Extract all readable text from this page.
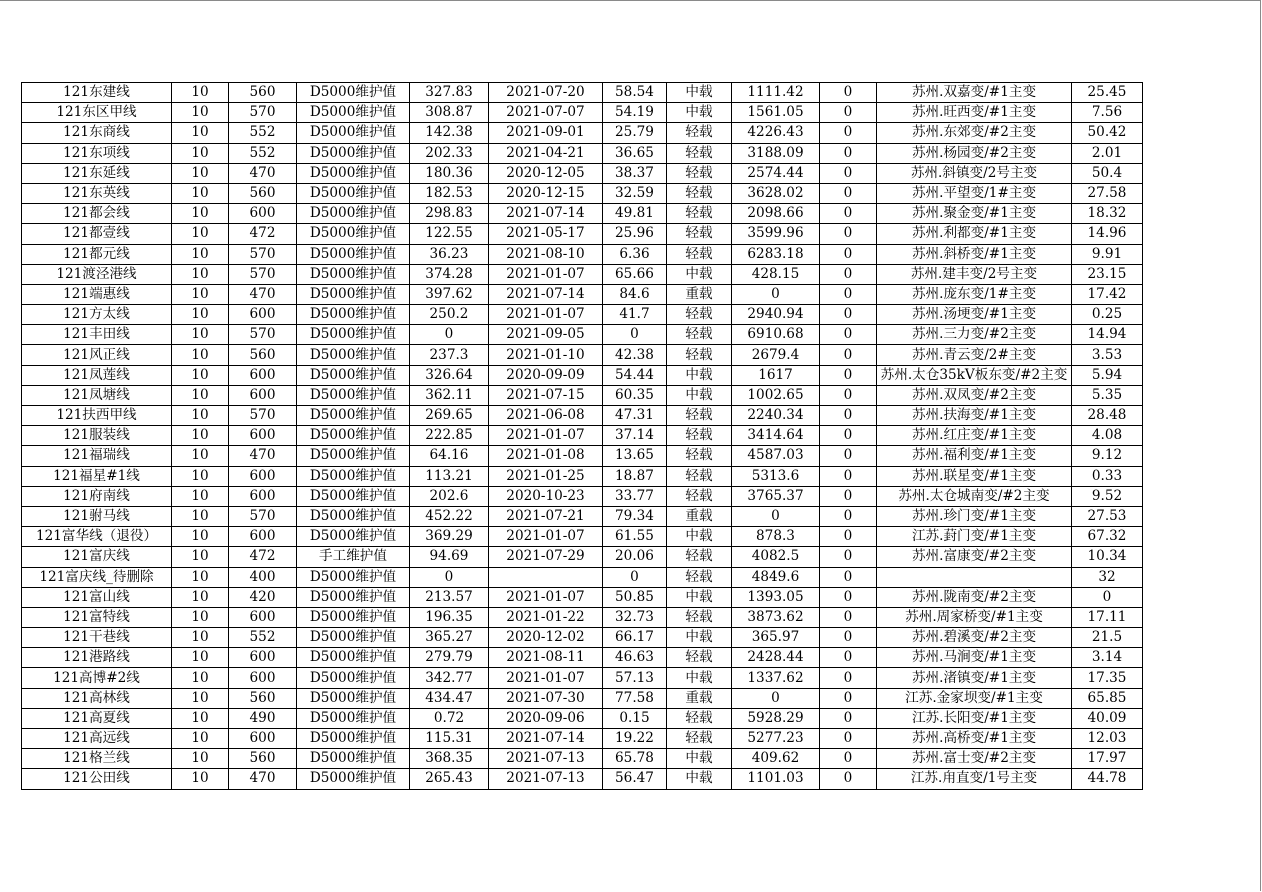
121东建线	10	560	D5000维护值	327.83	2021-07-20	58.54	中载	1111.42	0	苏州.双嘉变/#1主变	25.45
121东区甲线	10	570	D5000维护值	308.87	2021-07-07	54.19	中载	1561.05	0	苏州.旺西变/#1主变	7.56
121东商线	10	552	D5000维护值	142.38	2021-09-01	25.79	轻载	4226.43	0	苏州.东郊变/#2主变	50.42
121东项线	10	552	D5000维护值	202.33	2021-04-21	36.65	轻载	3188.09	0	苏州.杨园变/#2主变	2.01
121东延线	10	470	D5000维护值	180.36	2020-12-05	38.37	轻载	2574.44	0	苏州.斜镇变/2号主变	50.4
121东英线	10	560	D5000维护值	182.53	2020-12-15	32.59	轻载	3628.02	0	苏州.平望变/1#主变	27.58
121都会线	10	600	D5000维护值	298.83	2021-07-14	49.81	轻载	2098.66	0	苏州.聚金变/#1主变	18.32
121都壹线	10	472	D5000维护值	122.55	2021-05-17	25.96	轻载	3599.96	0	苏州.利都变/#1主变	14.96
121都元线	10	570	D5000维护值	36.23	2021-08-10	6.36	轻载	6283.18	0	苏州.斜桥变/#1主变	9.91
121渡泾港线	10	570	D5000维护值	374.28	2021-01-07	65.66	中载	428.15	0	苏州.建丰变/2号主变	23.15
121端惠线	10	470	D5000维护值	397.62	2021-07-14	84.6	重载	0	0	苏州.庞东变/1#主变	17.42
121方太线	10	600	D5000维护值	250.2	2021-01-07	41.7	轻载	2940.94	0	苏州.汤埂变/#1主变	0.25
121丰田线	10	570	D5000维护值	0	2021-09-05	0	轻载	6910.68	0	苏州.三力变/#2主变	14.94
121风正线	10	560	D5000维护值	237.3	2021-01-10	42.38	轻载	2679.4	0	苏州.青云变/2#主变	3.53
121凤莲线	10	600	D5000维护值	326.64	2020-09-09	54.44	中载	1617	0	苏州.太仓35kV板东变/#2主变	5.94
121凤塘线	10	600	D5000维护值	362.11	2021-07-15	60.35	中载	1002.65	0	苏州.双凤变/#2主变	5.35
121扶西甲线	10	570	D5000维护值	269.65	2021-06-08	47.31	轻载	2240.34	0	苏州.扶海变/#1主变	28.48
121服装线	10	600	D5000维护值	222.85	2021-01-07	37.14	轻载	3414.64	0	苏州.红庄变/#1主变	4.08
121福瑞线	10	470	D5000维护值	64.16	2021-01-08	13.65	轻载	4587.03	0	苏州.福利变/#1主变	9.12
121福星#1线	10	600	D5000维护值	113.21	2021-01-25	18.87	轻载	5313.6	0	苏州.联星变/#1主变	0.33
121府南线	10	600	D5000维护值	202.6	2020-10-23	33.77	轻载	3765.37	0	苏州.太仓城南变/#2主变	9.52
121驸马线	10	570	D5000维护值	452.22	2021-07-21	79.34	重载	0	0	苏州.珍门变/#1主变	27.53
121富华线（退役）	10	600	D5000维护值	369.29	2021-01-07	61.55	中载	878.3	0	江苏.葑门变/#1主变	67.32
121富庆线	10	472	手工维护值	94.69	2021-07-29	20.06	轻载	4082.5	0	苏州.富康变/#2主变	10.34
121富庆线_待删除	10	400	D5000维护值	0		0	轻载	4849.6	0		32
121富山线	10	420	D5000维护值	213.57	2021-01-07	50.85	中载	1393.05	0	苏州.陇南变/#2主变	0
121富特线	10	600	D5000维护值	196.35	2021-01-22	32.73	轻载	3873.62	0	苏州.周家桥变/#1主变	17.11
121干巷线	10	552	D5000维护值	365.27	2020-12-02	66.17	中载	365.97	0	苏州.碧溪变/#2主变	21.5
121港路线	10	600	D5000维护值	279.79	2021-08-11	46.63	轻载	2428.44	0	苏州.马涧变/#1主变	3.14
121高博#2线	10	600	D5000维护值	342.77	2021-01-07	57.13	中载	1337.62	0	苏州.渚镇变/#1主变	17.35
121高林线	10	560	D5000维护值	434.47	2021-07-30	77.58	重载	0	0	江苏.金家坝变/#1主变	65.85
121高夏线	10	490	D5000维护值	0.72	2020-09-06	0.15	轻载	5928.29	0	江苏.长阳变/#1主变	40.09
121高远线	10	600	D5000维护值	115.31	2021-07-14	19.22	轻载	5277.23	0	苏州.高桥变/#1主变	12.03
121格兰线	10	560	D5000维护值	368.35	2021-07-13	65.78	中载	409.62	0	苏州.富士变/#2主变	17.97
121公田线	10	470	D5000维护值	265.43	2021-07-13	56.47	中载	1101.03	0	江苏.甪直变/1号主变	44.78
